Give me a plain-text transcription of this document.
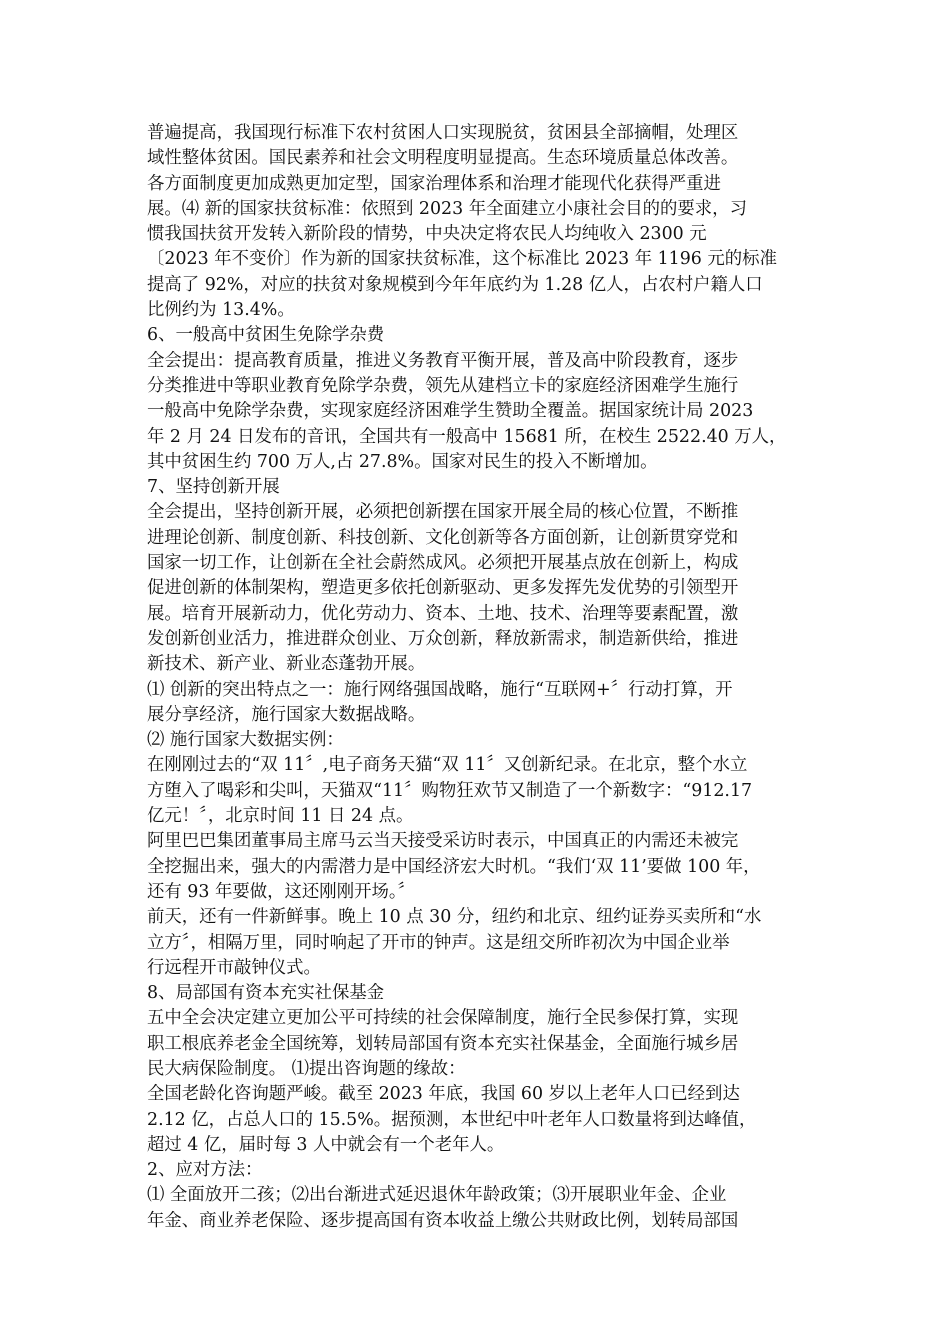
普遍提高，我国现行标准下农村贫困人口实现脱贫，贫困县全部摘帽，处理区
域性整体贫困。国民素养和社会文明程度明显提高。生态环境质量总体改善。
各方面制度更加成熟更加定型，国家治理体系和治理才能现代化获得严重进
展。⑷ 新的国家扶贫标准：依照到 2023 年全面建立小康社会目的的要求，习
惯我国扶贫开发转入新阶段的情势，中央决定将农民人均纯收入 2300 元
〔2023 年不变价〕作为新的国家扶贫标准，这个标准比 2023 年 1196 元的标准
提高了 92%，对应的扶贫对象规模到今年年底约为 1.28 亿人，占农村户籍人口
比例约为 13.4%。
6、一般高中贫困生免除学杂费
全会提出：提高教育质量，推进义务教育平衡开展，普及高中阶段教育，逐步
分类推进中等职业教育免除学杂费，领先从建档立卡的家庭经济困难学生施行
一般高中免除学杂费，实现家庭经济困难学生赞助全覆盖。据国家统计局 2023
年 2 月 24 日发布的音讯，全国共有一般高中 15681 所，在校生 2522.40 万人，
其中贫困生约 700 万人,占 27.8%。国家对民生的投入不断增加。
7、坚持创新开展
全会提出，坚持创新开展，必须把创新摆在国家开展全局的核心位置，不断推
进理论创新、制度创新、科技创新、文化创新等各方面创新，让创新贯穿党和
国家一切工作，让创新在全社会蔚然成风。必须把开展基点放在创新上，构成
促进创新的体制架构，塑造更多依托创新驱动、更多发挥先发优势的引领型开
展。培育开展新动力，优化劳动力、资本、土地、技术、治理等要素配置，激
发创新创业活力，推进群众创业、万众创新，释放新需求，制造新供给，推进
新技术、新产业、新业态蓬勃开展。
⑴ 创新的突出特点之一：施行网络强国战略，施行“互联网+〞行动打算，开
展分享经济，施行国家大数据战略。
⑵ 施行国家大数据实例：
在刚刚过去的“双 11〞,电子商务天猫“双 11〞又创新纪录。在北京，整个水立
方堕入了喝彩和尖叫，天猫双“11〞购物狂欢节又制造了一个新数字：“912.17
亿元！〞，北京时间 11 日 24 点。
阿里巴巴集团董事局主席马云当天接受采访时表示，中国真正的内需还未被完
全挖掘出来，强大的内需潜力是中国经济宏大时机。“我们‘双 11’要做 100 年，
还有 93 年要做，这还刚刚开场。〞
前天，还有一件新鲜事。晚上 10 点 30 分，纽约和北京、纽约证券买卖所和“水
立方〞，相隔万里，同时响起了开市的钟声。这是纽交所昨初次为中国企业举
行远程开市敲钟仪式。
8、局部国有资本充实社保基金
五中全会决定建立更加公平可持续的社会保障制度，施行全民参保打算，实现
职工根底养老金全国统筹，划转局部国有资本充实社保基金，全面施行城乡居
民大病保险制度。 ⑴提出咨询题的缘故：
全国老龄化咨询题严峻。截至 2023 年底，我国 60 岁以上老年人口已经到达
2.12 亿，占总人口的 15.5%。据预测，本世纪中叶老年人口数量将到达峰值，
超过 4 亿，届时每 3 人中就会有一个老年人。
2、应对方法：
⑴ 全面放开二孩；⑵出台渐进式延迟退休年龄政策；⑶开展职业年金、企业
年金、商业养老保险、逐步提高国有资本收益上缴公共财政比例，划转局部国
